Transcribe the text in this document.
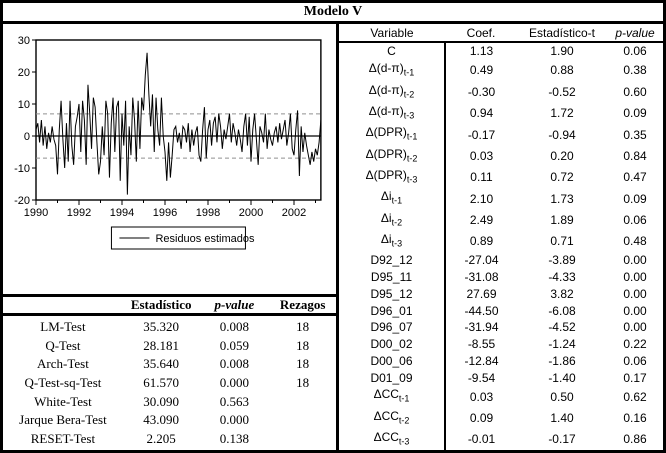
Modelo V
30
20
10
0
-10
-20
1990 1992 1994 1996 1998 2000 2002
Residuos estimados
Estadístico	p-value	Rezagos
LM-Test	35.320	0.008	18
Q-Test	28.181	0.059	18
Arch-Test	35.640	0.008	18
Q-Test-sq-Test	61.570	0.000	18
White-Test	30.090	0.563
Jarque Bera-Test	43.090	0.000
RESET-Test	2.205	0.138
Variable	Coef.	Estadístico-t	p-value
C	1.13	1.90	0.06
$\Delta(d-\pi)_{t-1}$	0.49	0.88	0.38
$\Delta(d-\pi)_{t-2}$	-0.30	-0.52	0.60
$\Delta(d-\pi)_{t-3}$	0.94	1.72	0.09
$\Delta(DPR)_{t-1}$	-0.17	-0.94	0.35
$\Delta(DPR)_{t-2}$	0.03	0.20	0.84
$\Delta(DPR)_{t-3}$	0.11	0.72	0.47
$\Delta i_{t-1}$	2.10	1.73	0.09
$\Delta i_{t-2}$	2.49	1.89	0.06
$\Delta i_{t-3}$	0.89	0.71	0.48
D92_12	-27.04	-3.89	0.00
D95_11	-31.08	-4.33	0.00
D95_12	27.69	3.82	0.00
D96_01	-44.50	-6.08	0.00
D96_07	-31.94	-4.52	0.00
D00_02	-8.55	-1.24	0.22
D00_06	-12.84	-1.86	0.06
D01_09	-9.54	-1.40	0.17
$\Delta CC_{t-1}$	0.03	0.50	0.62
$\Delta CC_{t-2}$	0.09	1.40	0.16
$\Delta CC_{t-3}$	-0.01	-0.17	0.86
